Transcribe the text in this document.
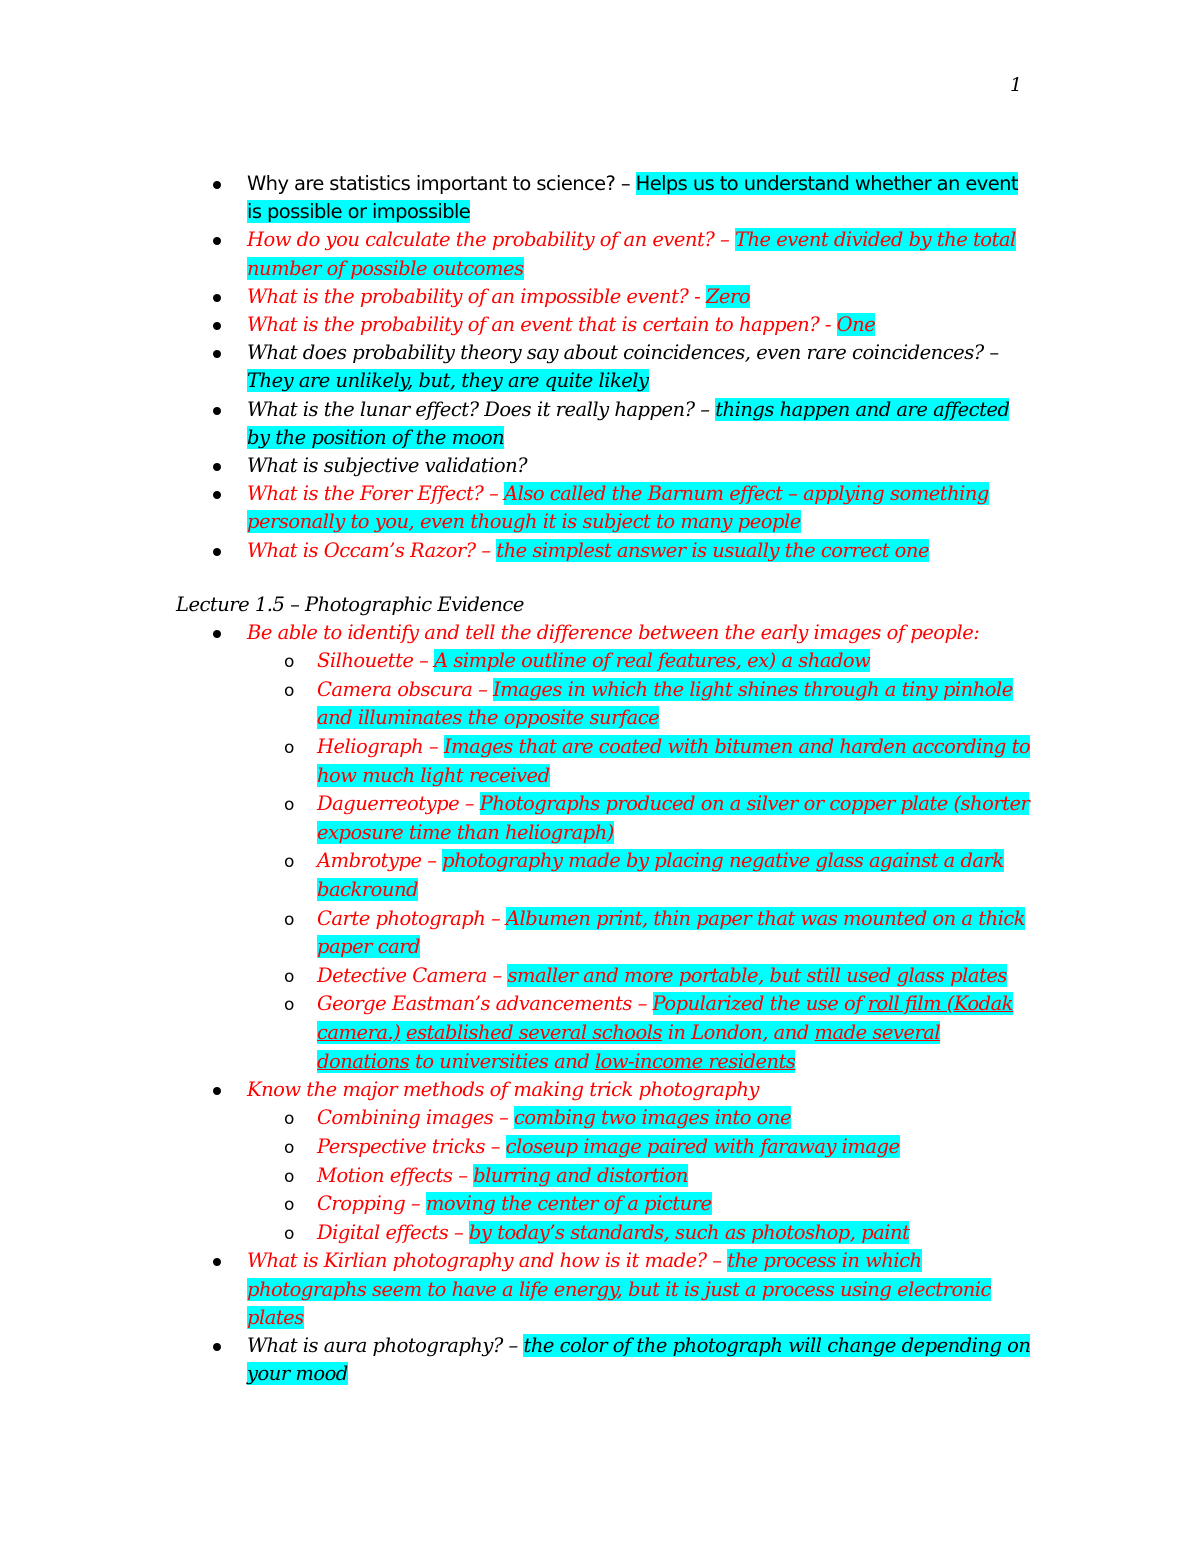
1
Why are statistics important to science? – Helps us to understand whether an event is possible or impossible
How do you calculate the probability of an event? – The event divided by the total number of possible outcomes
What is the probability of an impossible event? - Zero
What is the probability of an event that is certain to happen? - One
What does probability theory say about coincidences, even rare coincidences? – They are unlikely, but, they are quite likely
What is the lunar effect? Does it really happen? – things happen and are affected by the position of the moon
What is subjective validation?
What is the Forer Effect? – Also called the Barnum effect – applying something personally to you, even though it is subject to many people
What is Occam’s Razor? – the simplest answer is usually the correct one
Lecture 1.5 – Photographic Evidence
Be able to identify and tell the difference between the early images of people:
o Silhouette – A simple outline of real features, ex) a shadow
o Camera obscura – Images in which the light shines through a tiny pinhole and illuminates the opposite surface
o Heliograph – Images that are coated with bitumen and harden according to how much light received
o Daguerreotype – Photographs produced on a silver or copper plate (shorter exposure time than heliograph)
o Ambrotype – photography made by placing negative glass against a dark backround
o Carte photograph – Albumen print, thin paper that was mounted on a thick paper card
o Detective Camera – smaller and more portable, but still used glass plates
o George Eastman’s advancements – Popularized the use of roll film (Kodak camera.) established several schools in London, and made several donations to universities and low-income residents
Know the major methods of making trick photography
o Combining images – combing two images into one
o Perspective tricks – closeup image paired with faraway image
o Motion effects – blurring and distortion
o Cropping – moving the center of a picture
o Digital effects – by today’s standards, such as photoshop, paint
What is Kirlian photography and how is it made? – the process in which photographs seem to have a life energy, but it is just a process using electronic plates
What is aura photography? – the color of the photograph will change depending on your mood
